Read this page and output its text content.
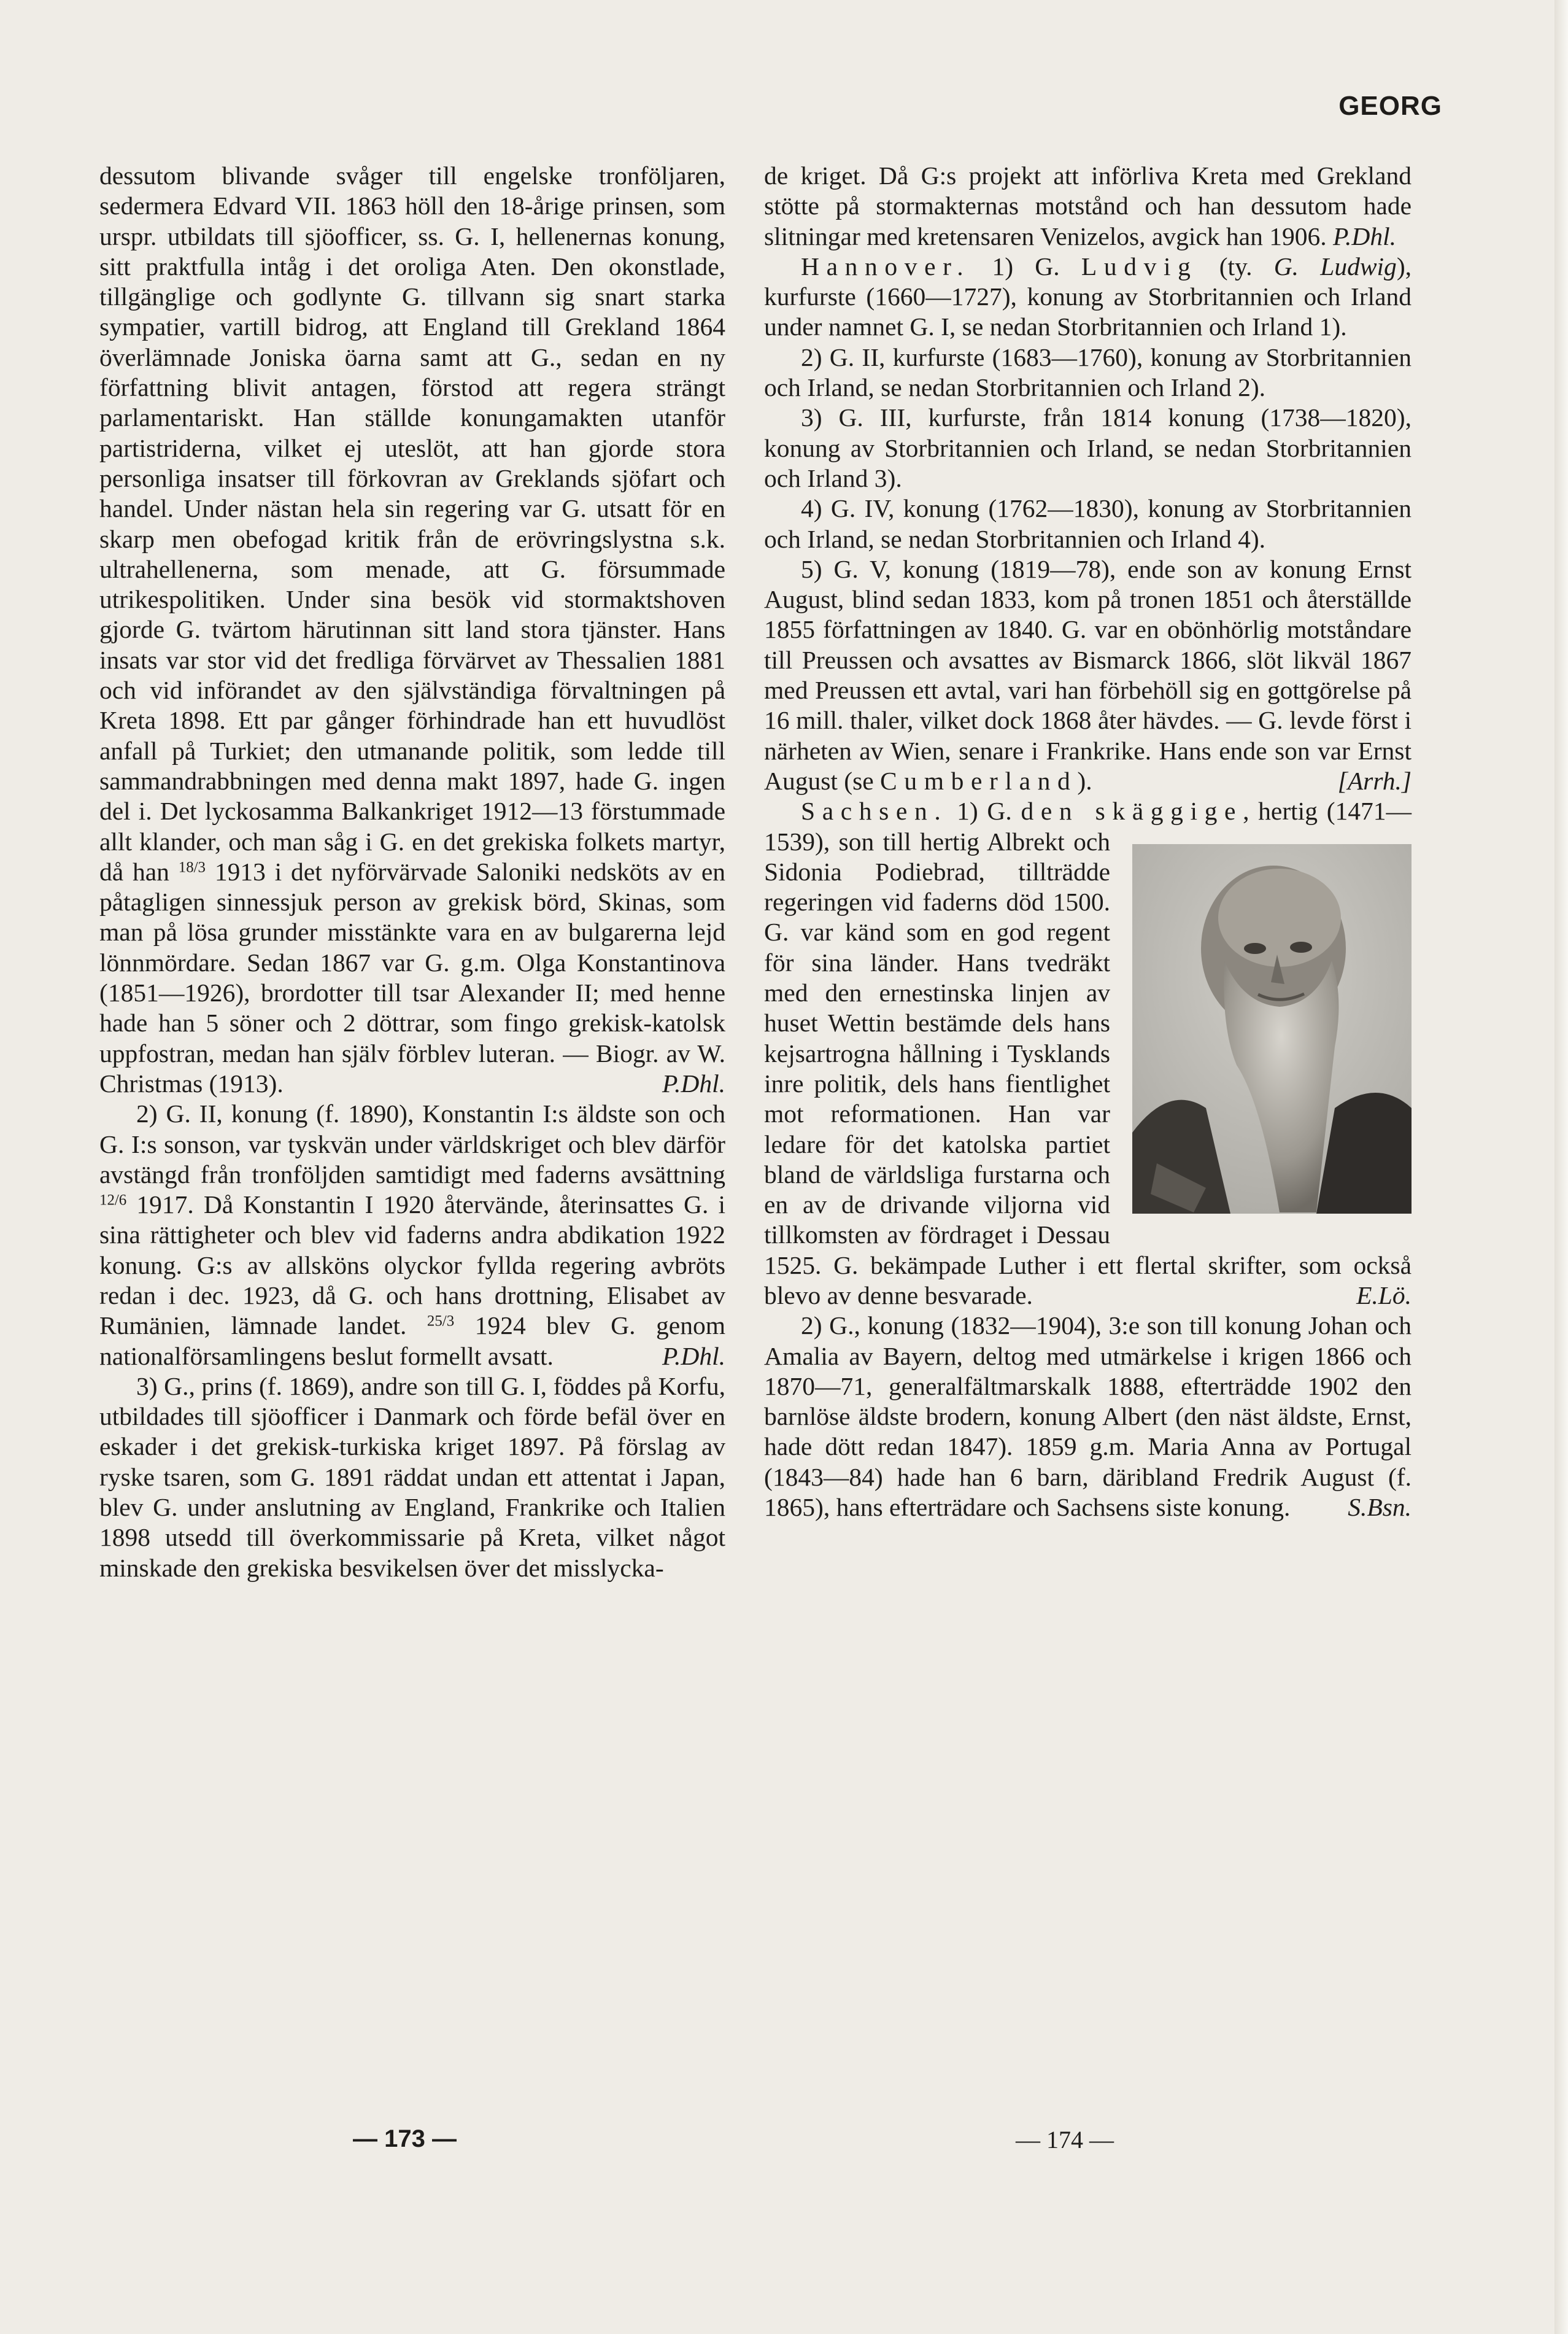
GEORG

dessutom blivande svåger till engelske tronföljaren, sedermera Edvard VII. 1863 höll den 18-årige prinsen, som urspr. utbildats till sjöofficer, ss. G. I, hellenernas konung, sitt praktfulla intåg i det oroliga Aten. Den okonstlade, tillgänglige och godlynte G. tillvann sig snart starka sympatier, vartill bidrog, att England till Grekland 1864 överlämnade Joniska öarna samt att G., sedan en ny författning blivit antagen, förstod att regera strängt parlamentariskt. Han ställde konungamakten utanför partistriderna, vilket ej uteslöt, att han gjorde stora personliga insatser till förkovran av Greklands sjöfart och handel. Under nästan hela sin regering var G. utsatt för en skarp men obefogad kritik från de erövringslystna s.k. ultrahellenerna, som menade, att G. försummade utrikespolitiken. Under sina besök vid stormaktshoven gjorde G. tvärtom härutinnan sitt land stora tjänster. Hans insats var stor vid det fredliga förvärvet av Thessalien 1881 och vid införandet av den självständiga förvaltningen på Kreta 1898. Ett par gånger förhindrade han ett huvudlöst anfall på Turkiet; den utmanande politik, som ledde till sammandrabbningen med denna makt 1897, hade G. ingen del i. Det lyckosamma Balkankriget 1912—13 förstummade allt klander, och man såg i G. en det grekiska folkets martyr, då han $^{18/3}$ 1913 i det nyförvärvade Saloniki nedsköts av en påtagligen sinnessjuk person av grekisk börd, Skinas, som man på lösa grunder misstänkte vara en av bulgarerna lejd lönnmördare. Sedan 1867 var G. g.m. Olga Konstantinova (1851—1926), brordotter till tsar Alexander II; med henne hade han 5 söner och 2 döttrar, som fingo grekisk-katolsk uppfostran, medan han själv förblev luteran. — Biogr. av W. Christmas (1913).	P.Dhl.

2) G. II, konung (f. 1890), Konstantin I:s äldste son och G. I:s sonson, var tyskvän under världskriget och blev därför avstängd från tronföljden samtidigt med faderns avsättning $^{12/6}$ 1917. Då Konstantin I 1920 återvände, återinsattes G. i sina rättigheter och blev vid faderns andra abdikation 1922 konung. G:s av allsköns olyckor fyllda regering avbröts redan i dec. 1923, då G. och hans drottning, Elisabet av Rumänien, lämnade landet. $^{25/3}$ 1924 blev G. genom nationalförsamlingens beslut formellt avsatt.	P.Dhl.

3) G., prins (f. 1869), andre son till G. I, föddes på Korfu, utbildades till sjöofficer i Danmark och förde befäl över en eskader i det grekisk-turkiska kriget 1897. På förslag av ryske tsaren, som G. 1891 räddat undan ett attentat i Japan, blev G. under anslutning av England, Frankrike och Italien 1898 utsedd till överkommissarie på Kreta, vilket något minskade den grekiska besvikelsen över det misslycka-

de kriget. Då G:s projekt att införliva Kreta med Grekland stötte på stormakternas motstånd och han dessutom hade slitningar med kretensaren Venizelos, avgick han 1906. P.Dhl.

Hannover. 1) G. Ludvig (ty. G. Ludwig), kurfurste (1660—1727), konung av Storbritannien och Irland under namnet G. I, se nedan Storbritannien och Irland 1).

2) G. II, kurfurste (1683—1760), konung av Storbritannien och Irland, se nedan Storbritannien och Irland 2).

3) G. III, kurfurste, från 1814 konung (1738—1820), konung av Storbritannien och Irland, se nedan Storbritannien och Irland 3).

4) G. IV, konung (1762—1830), konung av Storbritannien och Irland, se nedan Storbritannien och Irland 4).

5) G. V, konung (1819—78), ende son av konung Ernst August, blind sedan 1833, kom på tronen 1851 och återställde 1855 författningen av 1840. G. var en obönhörlig motståndare till Preussen och avsattes av Bismarck 1866, slöt likväl 1867 med Preussen ett avtal, vari han förbehöll sig en gottgörelse på 16 mill. thaler, vilket dock 1868 åter hävdes. — G. levde först i närheten av Wien, senare i Frankrike. Hans ende son var Ernst August (se Cumberland).	[Arrh.]

Sachsen. 1) G. den skäggige
, hertig (1471—1539), son till hertig Albrekt och Sidonia Podiebrad, tillträdde regeringen vid faderns död 1500. G. var känd som en god regent för sina länder. Hans tvedräkt med den ernestinska linjen av huset Wettin bestämde dels hans kejsartrogna hållning i Tysklands inre politik, dels hans fientlighet mot reformationen. Han var ledare för det katolska partiet bland de världsliga furstarna och en av de drivande viljorna vid tillkomsten av fördraget i Dessau 1525. G. bekämpade Luther i ett flertal skrifter, som också blevo av denne besvarade.	E.Lö.

2) G., konung (1832—1904), 3:e son till konung Johan och Amalia av Bayern, deltog med utmärkelse i krigen 1866 och 1870—71, generalfältmarskalk 1888, efterträdde 1902 den barnlöse äldste brodern, konung Albert (den näst äldste, Ernst, hade dött redan 1847). 1859 g.m. Maria Anna av Portugal (1843—84) hade han 6 barn, däribland Fredrik August (f. 1865), hans efterträdare och Sachsens siste konung.	S.Bsn.

— 173 —	— 174 —
